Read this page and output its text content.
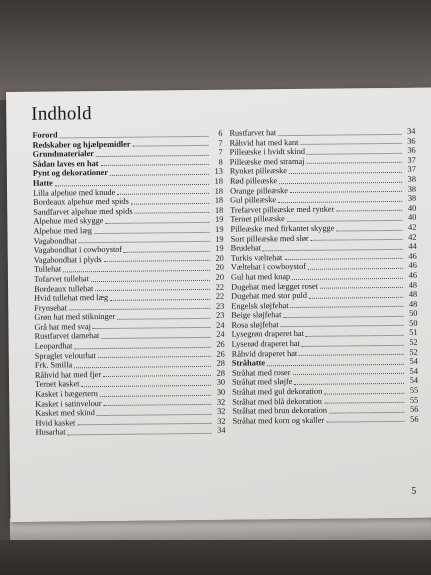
Indhold
Forord	6
Redskaber og hjælpemidler	7
Grundmaterialer	7
Sådan laves en hat	8
Pynt og dekorationer	13
Hatte	18
Lilla alpehue med knude	18
Bordeaux alpehue med spids	18
Sandfarvet alpehue med spids	18
Alpehue med skygge	19
Alpehue med læg	19
Vagabondhat	19
Vagabondhat i cowboystof	19
Vagabondhat i plyds	20
Tullehat	20
Tofarvet tullehat	20
Bordeaux tullehat	22
Hvid tullehat med læg	22
Frynsehat	23
Grøn hat med stikninger	23
Grå hat med svaj	24
Rustfarvet damehat	24
Leopardhat	26
Spraglet velourhat	26
Frk. Smilla	28
Råhvid hat med fjer	28
Ternet kasket	30
Kasket i bægertern	30
Kasket i satinvelour	32
Kasket med skind	32
Hvid kasket	32
Husarhat	34
Rustfarvet hat	34
Råhvid hat med kant	36
Pilleæske i hvidt skind	36
Pilleæske med stramaj	37
Rynket pilleæske	37
Rød pilleæske	38
Orange pilleæske	38
Gul pilleæske	38
Trefarvet pilleæske med rynker	40
Ternet pilleæske	40
Pilleæske med firkantet skygge	42
Sort pilleæske med slør	42
Brudehat	44
Turkis væltehat	46
Væltehat i cowboystof	46
Gul hat med knap	46
Dugehat med lægget roset	48
Dugehat med stor puld	48
Engelsk sløjfehat	48
Beige sløjfehat	50
Rosa sløjfehat	50
Lysegrøn draperet hat	51
Lyserød draperet hat	52
Råhvid draperet hat	52
Stråhatte	54
Stråhat med roser	54
Stråhat med sløjfe	54
Stråhat med gul dekoration	55
Stråhat med blå dekoration	55
Stråhat med brun dekoration	56
Stråhat med korn og skaller	56
5
